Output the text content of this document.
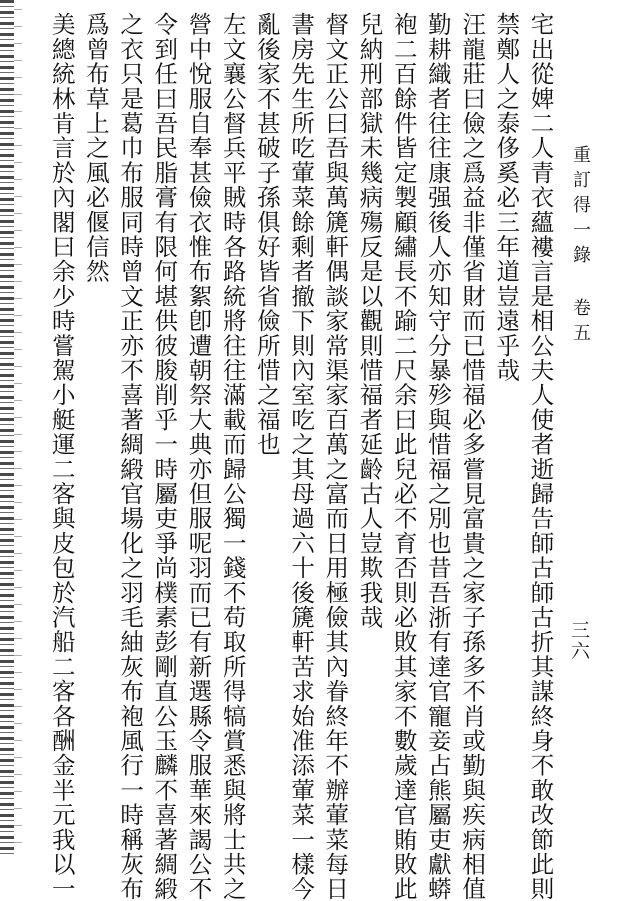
重訂得一錄
卷五
三六
宅出從婢二人青衣蘊褸言是相公夫人使者逝歸告師古師古折其謀終身不敢改節此則
禁鄭人之泰侈奚必三年道豈遠乎哉
汪龍莊曰儉之爲益非僅省財而已惜福必多嘗見富貴之家子孫多不肖或勤與疾病相值
勤耕織者往往康强後人亦知守分暴殄與惜福之別也昔吾浙有達官寵妾占熊屬吏獻蟒
袍二百餘件皆定製顧繡長不踰二尺余曰此兒必不育否則必敗其家不數歲達官賄敗此
兒納刑部獄未幾病殤反是以觀則惜福者延齡古人豈欺我哉
督文正公曰吾與萬篪軒偶談家常渠家百萬之富而日用極儉其內眷終年不辦葷菜每日
書房先生所吃葷菜餘剩者撤下則內室吃之其母過六十後篪軒苦求始准添葷菜一樣今
亂後家不甚破子孫俱好皆省儉所惜之福也
左文襄公督兵平賊時各路統將往往滿載而歸公獨一錢不苟取所得犒賞悉與將士共之
營中悅服自奉甚儉衣惟布絮卽遭朝祭大典亦但服呢羽而已有新選縣令服華來謁公不
令到任曰吾民脂膏有限何堪供彼朘削乎一時屬吏爭尚樸素彭剛直公玉麟不喜著綢緞
之衣只是葛巾布服同時曾文正亦不喜著綢緞官場化之羽毛紬灰布袍風行一時稱灰布
爲曾布草上之風必偃信然
美總統林肯言於內閣曰余少時嘗駕小艇運二客與皮包於汽船二客各酬金半元我以一
